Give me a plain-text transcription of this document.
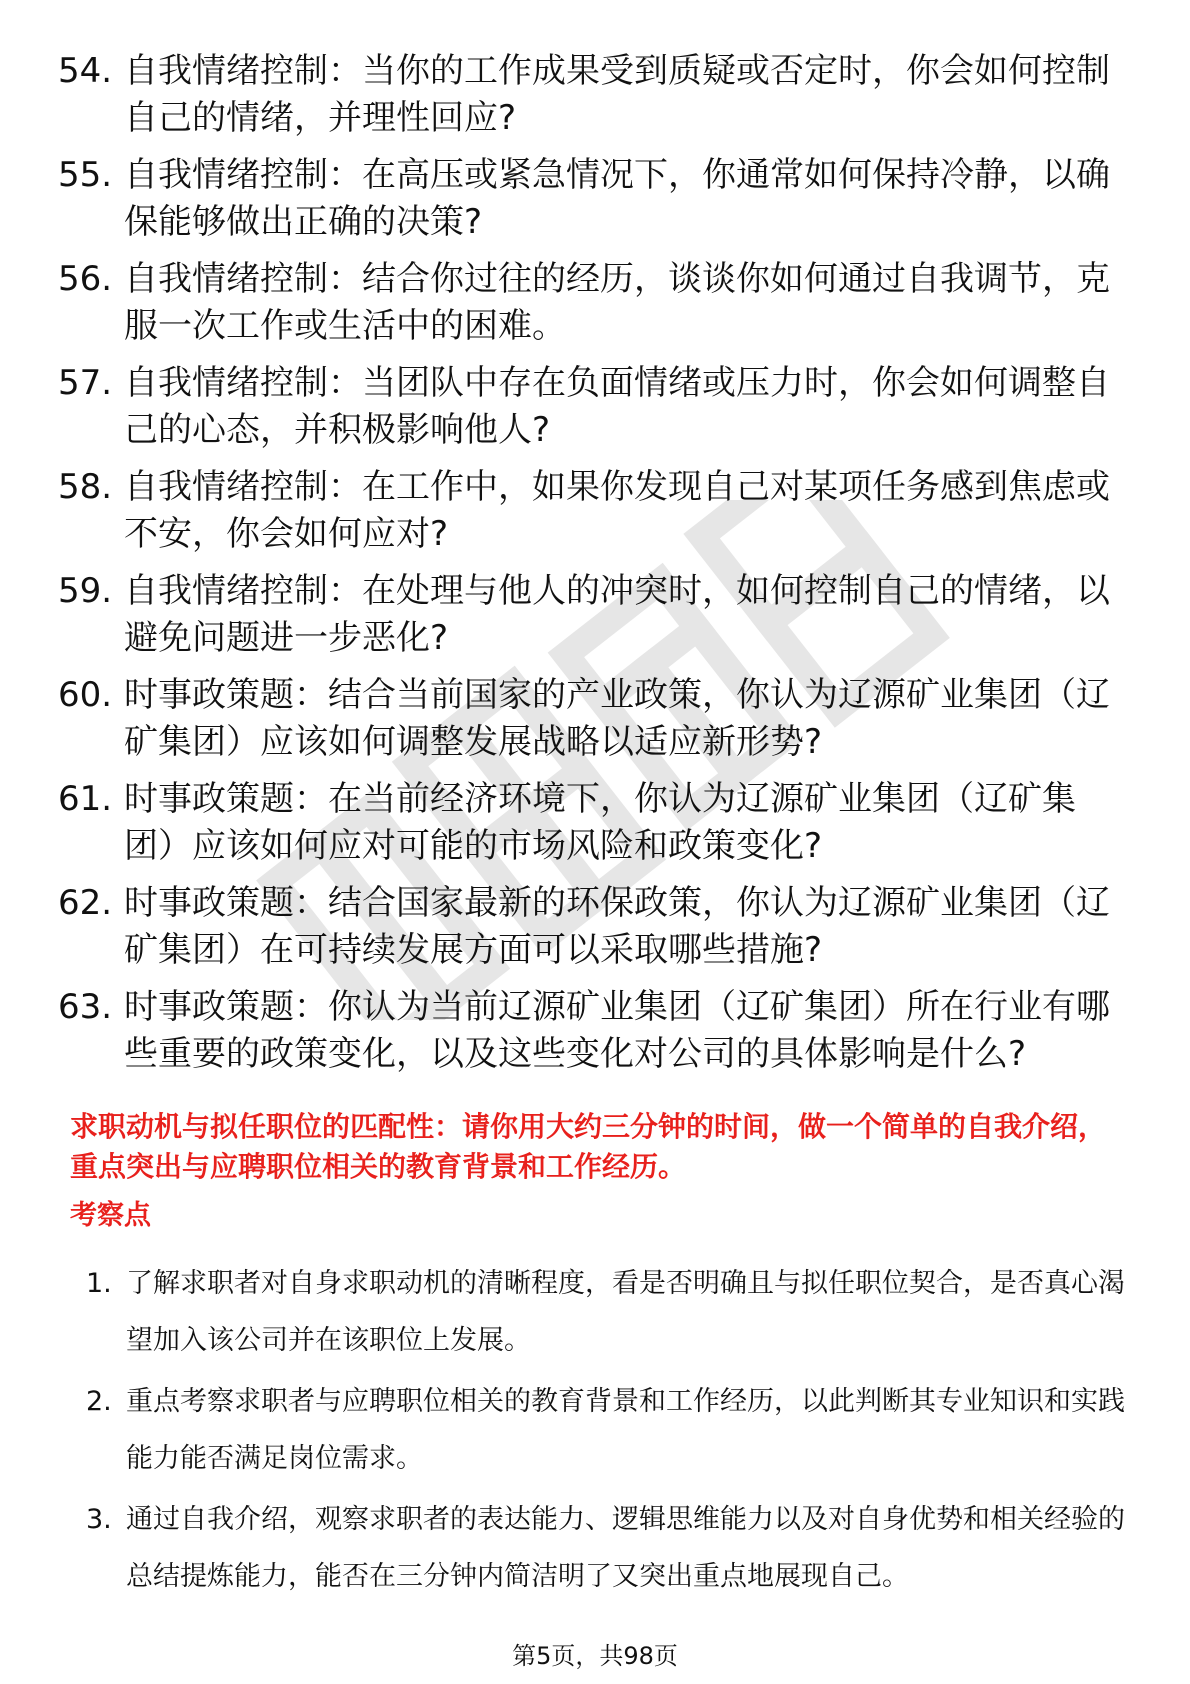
54. 自我情绪控制：当你的工作成果受到质疑或否定时，你会如何控制自己的情绪，并理性回应?
55. 自我情绪控制：在高压或紧急情况下，你通常如何保持冷静，以确保能够做出正确的决策?
56. 自我情绪控制：结合你过往的经历，谈谈你如何通过自我调节，克服一次工作或生活中的困难。
57. 自我情绪控制：当团队中存在负面情绪或压力时，你会如何调整自己的心态，并积极影响他人?
58. 自我情绪控制：在工作中，如果你发现自己对某项任务感到焦虑或不安，你会如何应对?
59. 自我情绪控制：在处理与他人的冲突时，如何控制自己的情绪，以避免问题进一步恶化?
60. 时事政策题：结合当前国家的产业政策，你认为辽源矿业集团（辽矿集团）应该如何调整发展战略以适应新形势?
61. 时事政策题：在当前经济环境下，你认为辽源矿业集团（辽矿集团）应该如何应对可能的市场风险和政策变化?
62. 时事政策题：结合国家最新的环保政策，你认为辽源矿业集团（辽矿集团）在可持续发展方面可以采取哪些措施?
63. 时事政策题：你认为当前辽源矿业集团（辽矿集团）所在行业有哪些重要的政策变化，以及这些变化对公司的具体影响是什么?
求职动机与拟任职位的匹配性：请你用大约三分钟的时间，做一个简单的自我介绍，重点突出与应聘职位相关的教育背景和工作经历。
考察点
1. 了解求职者对自身求职动机的清晰程度，看是否明确且与拟任职位契合，是否真心渴望加入该公司并在该职位上发展。
2. 重点考察求职者与应聘职位相关的教育背景和工作经历，以此判断其专业知识和实践能力能否满足岗位需求。
3. 通过自我介绍，观察求职者的表达能力、逻辑思维能力以及对自身优势和相关经验的总结提炼能力，能否在三分钟内简洁明了又突出重点地展现自己。
第5页，共98页
